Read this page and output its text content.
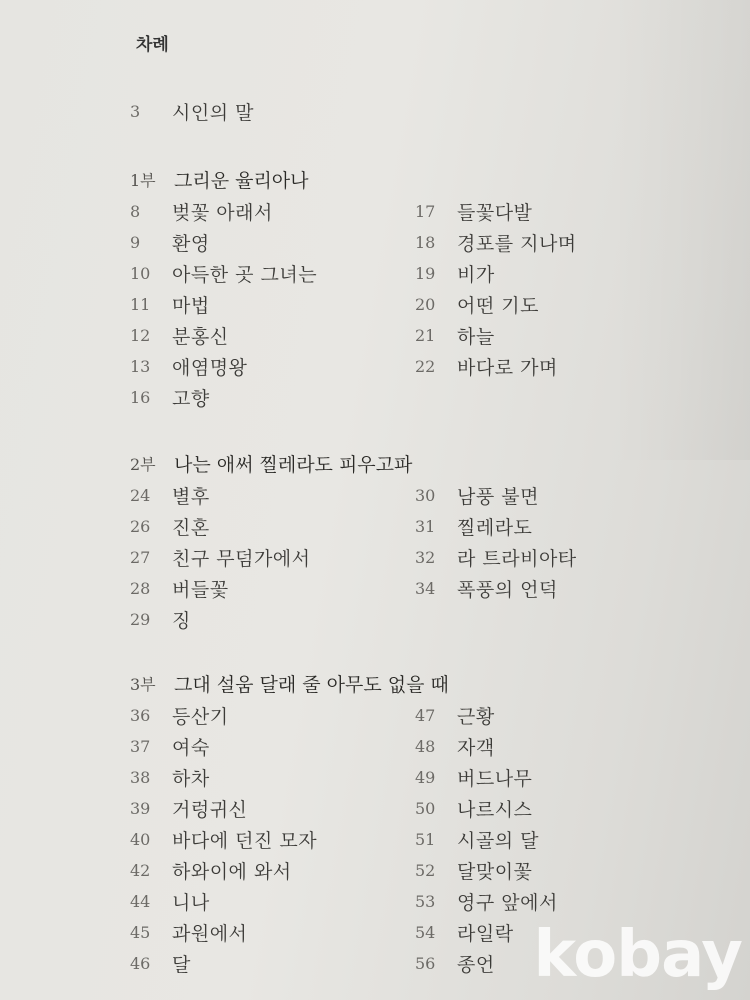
차례
3	시인의 말
1부 그리운 율리아나
8	벚꽃 아래서
9	환영
10	아득한 곳 그녀는
11	마법
12	분홍신
13	애염명왕
16	고향
17	들꽃다발
18	경포를 지나며
19	비가
20	어떤 기도
21	하늘
22	바다로 가며
2부 나는 애써 찔레라도 피우고파
24	별후
26	진혼
27	친구 무덤가에서
28	버들꽃
29	징
30	남풍 불면
31	찔레라도
32	라 트라비아타
34	폭풍의 언덕
3부 그대 설움 달래 줄 아무도 없을 때
36	등산기
37	여숙
38	하차
39	거렁귀신
40	바다에 던진 모자
42	하와이에 와서
44	니나
45	과원에서
46	달
47	근황
48	자객
49	버드나무
50	나르시스
51	시골의 달
52	달맞이꽃
53	영구 앞에서
54	라일락
56	종언 kobay
